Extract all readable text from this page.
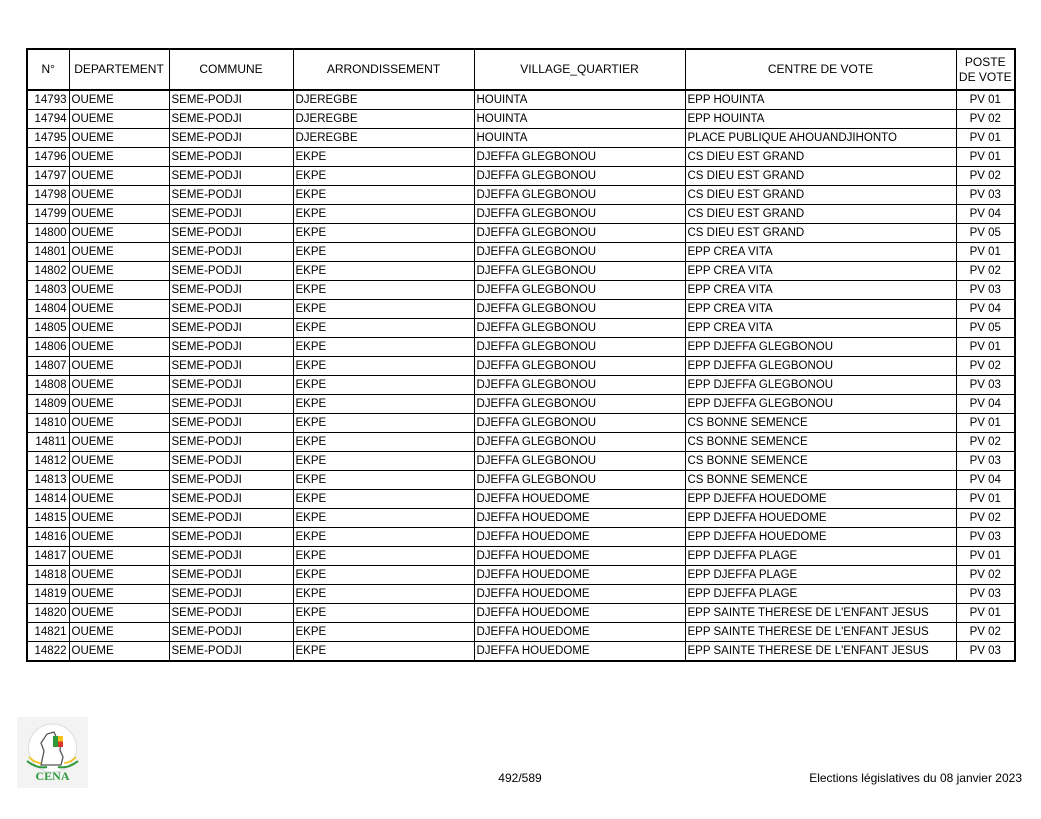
N°	DEPARTEMENT	COMMUNE	ARRONDISSEMENT	VILLAGE_QUARTIER	CENTRE DE VOTE	POSTE DE VOTE
14793	OUEME	SEME-PODJI	DJEREGBE	HOUINTA	EPP HOUINTA	PV 01
14794	OUEME	SEME-PODJI	DJEREGBE	HOUINTA	EPP HOUINTA	PV 02
14795	OUEME	SEME-PODJI	DJEREGBE	HOUINTA	PLACE PUBLIQUE AHOUANDJIHONTO	PV 01
14796	OUEME	SEME-PODJI	EKPE	DJEFFA GLEGBONOU	CS DIEU EST GRAND	PV 01
14797	OUEME	SEME-PODJI	EKPE	DJEFFA GLEGBONOU	CS DIEU EST GRAND	PV 02
14798	OUEME	SEME-PODJI	EKPE	DJEFFA GLEGBONOU	CS DIEU EST GRAND	PV 03
14799	OUEME	SEME-PODJI	EKPE	DJEFFA GLEGBONOU	CS DIEU EST GRAND	PV 04
14800	OUEME	SEME-PODJI	EKPE	DJEFFA GLEGBONOU	CS DIEU EST GRAND	PV 05
14801	OUEME	SEME-PODJI	EKPE	DJEFFA GLEGBONOU	EPP CREA VITA	PV 01
14802	OUEME	SEME-PODJI	EKPE	DJEFFA GLEGBONOU	EPP CREA VITA	PV 02
14803	OUEME	SEME-PODJI	EKPE	DJEFFA GLEGBONOU	EPP CREA VITA	PV 03
14804	OUEME	SEME-PODJI	EKPE	DJEFFA GLEGBONOU	EPP CREA VITA	PV 04
14805	OUEME	SEME-PODJI	EKPE	DJEFFA GLEGBONOU	EPP CREA VITA	PV 05
14806	OUEME	SEME-PODJI	EKPE	DJEFFA GLEGBONOU	EPP DJEFFA GLEGBONOU	PV 01
14807	OUEME	SEME-PODJI	EKPE	DJEFFA GLEGBONOU	EPP DJEFFA GLEGBONOU	PV 02
14808	OUEME	SEME-PODJI	EKPE	DJEFFA GLEGBONOU	EPP DJEFFA GLEGBONOU	PV 03
14809	OUEME	SEME-PODJI	EKPE	DJEFFA GLEGBONOU	EPP DJEFFA GLEGBONOU	PV 04
14810	OUEME	SEME-PODJI	EKPE	DJEFFA GLEGBONOU	CS BONNE SEMENCE	PV 01
14811	OUEME	SEME-PODJI	EKPE	DJEFFA GLEGBONOU	CS BONNE SEMENCE	PV 02
14812	OUEME	SEME-PODJI	EKPE	DJEFFA GLEGBONOU	CS BONNE SEMENCE	PV 03
14813	OUEME	SEME-PODJI	EKPE	DJEFFA GLEGBONOU	CS BONNE SEMENCE	PV 04
14814	OUEME	SEME-PODJI	EKPE	DJEFFA HOUEDOME	EPP DJEFFA HOUEDOME	PV 01
14815	OUEME	SEME-PODJI	EKPE	DJEFFA HOUEDOME	EPP DJEFFA HOUEDOME	PV 02
14816	OUEME	SEME-PODJI	EKPE	DJEFFA HOUEDOME	EPP DJEFFA HOUEDOME	PV 03
14817	OUEME	SEME-PODJI	EKPE	DJEFFA HOUEDOME	EPP DJEFFA PLAGE	PV 01
14818	OUEME	SEME-PODJI	EKPE	DJEFFA HOUEDOME	EPP DJEFFA PLAGE	PV 02
14819	OUEME	SEME-PODJI	EKPE	DJEFFA HOUEDOME	EPP DJEFFA PLAGE	PV 03
14820	OUEME	SEME-PODJI	EKPE	DJEFFA HOUEDOME	EPP SAINTE THERESE DE L'ENFANT JESUS	PV 01
14821	OUEME	SEME-PODJI	EKPE	DJEFFA HOUEDOME	EPP SAINTE THERESE DE L'ENFANT JESUS	PV 02
14822	OUEME	SEME-PODJI	EKPE	DJEFFA HOUEDOME	EPP SAINTE THERESE DE L'ENFANT JESUS	PV 03
CENA	492/589	Elections législatives du 08 janvier 2023
